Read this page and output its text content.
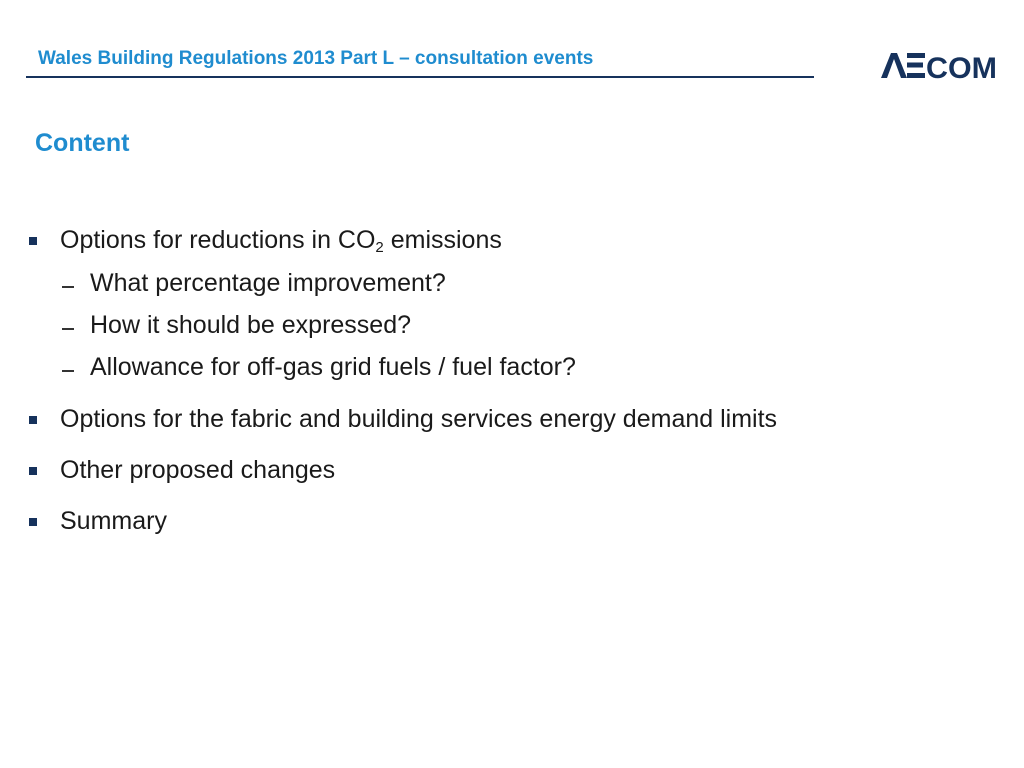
Wales Building Regulations 2013 Part L – consultation events	COM
Content
Options for reductions in $CO_2$ emissions
What percentage improvement?
How it should be expressed?
Allowance for off-gas grid fuels / fuel factor?
Options for the fabric and building services energy demand limits
Other proposed changes
Summary
